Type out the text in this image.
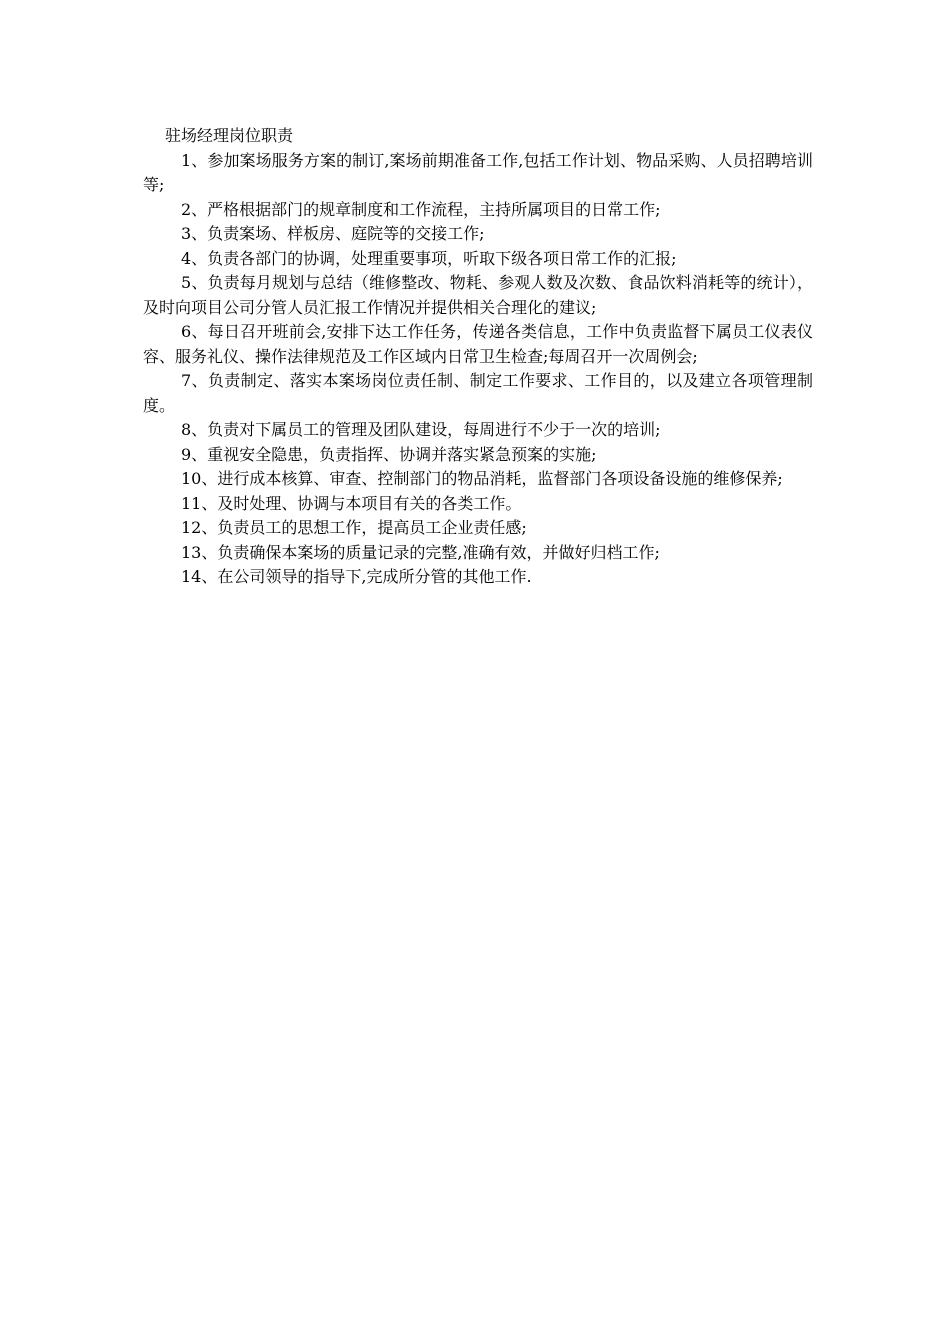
驻场经理岗位职责

1、参加案场服务方案的制订,案场前期准备工作,包括工作计划、物品采购、人员招聘培训等;

2、严格根据部门的规章制度和工作流程，主持所属项目的日常工作;

3、负责案场、样板房、庭院等的交接工作;

4、负责各部门的协调，处理重要事项，听取下级各项日常工作的汇报;

5、负责每月规划与总结（维修整改、物耗、参观人数及次数、食品饮料消耗等的统计），及时向项目公司分管人员汇报工作情况并提供相关合理化的建议;

6、每日召开班前会,安排下达工作任务，传递各类信息，工作中负责监督下属员工仪表仪容、服务礼仪、操作法律规范及工作区域内日常卫生检查;每周召开一次周例会;

7、负责制定、落实本案场岗位责任制、制定工作要求、工作目的，以及建立各项管理制度。

8、负责对下属员工的管理及团队建设，每周进行不少于一次的培训;

9、重视安全隐患，负责指挥、协调并落实紧急预案的实施;

10、进行成本核算、审查、控制部门的物品消耗，监督部门各项设备设施的维修保养;

11、及时处理、协调与本项目有关的各类工作。

12、负责员工的思想工作，提高员工企业责任感;

13、负责确保本案场的质量记录的完整,准确有效，并做好归档工作;

14、在公司领导的指导下,完成所分管的其他工作.
